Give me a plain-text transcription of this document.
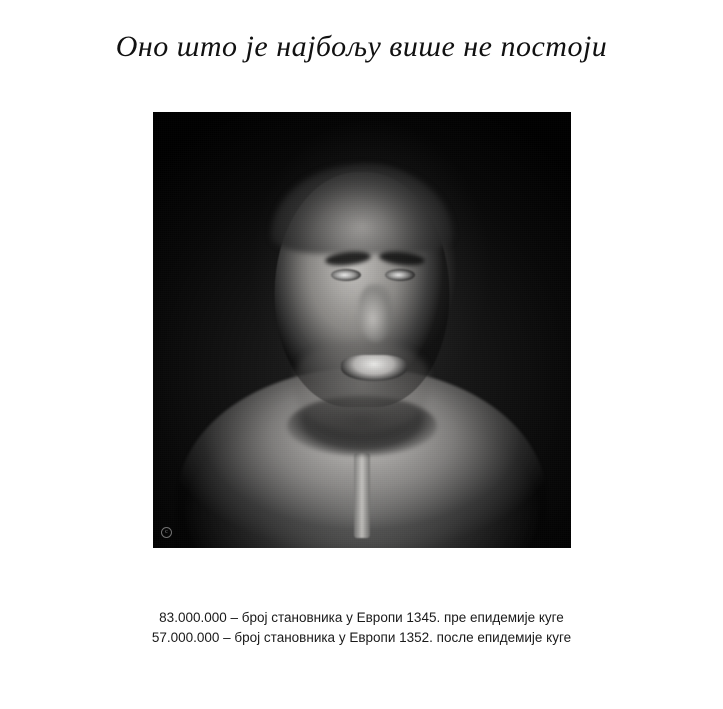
Оно што је најбољу више не постоји
c
83.000.000 – број становника у Европи 1345. пре епидемије куге
57.000.000 – број становника у Европи 1352. после епидемије куге
